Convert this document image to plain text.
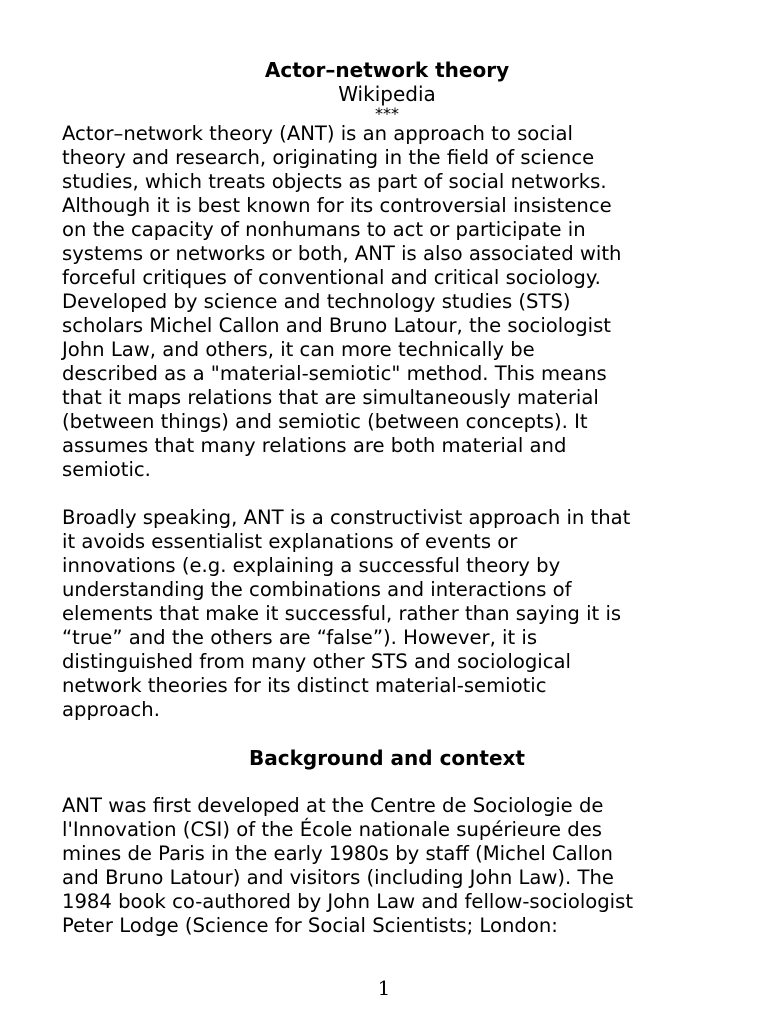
Actor–network theory

Wikipedia

***

Actor–network theory (ANT) is an approach to social
theory and research, originating in the field of science
studies, which treats objects as part of social networks.
Although it is best known for its controversial insistence
on the capacity of nonhumans to act or participate in
systems or networks or both, ANT is also associated with
forceful critiques of conventional and critical sociology.
Developed by science and technology studies (STS)
scholars Michel Callon and Bruno Latour, the sociologist
John Law, and others, it can more technically be
described as a "material-semiotic" method. This means
that it maps relations that are simultaneously material
(between things) and semiotic (between concepts). It
assumes that many relations are both material and
semiotic.
Broadly speaking, ANT is a constructivist approach in that
it avoids essentialist explanations of events or
innovations (e.g. explaining a successful theory by
understanding the combinations and interactions of
elements that make it successful, rather than saying it is
“true” and the others are “false”). However, it is
distinguished from many other STS and sociological
network theories for its distinct material-semiotic
approach.

Background and context

ANT was first developed at the Centre de Sociologie de
l'Innovation (CSI) of the École nationale supérieure des
mines de Paris in the early 1980s by staff (Michel Callon
and Bruno Latour) and visitors (including John Law). The
1984 book co-authored by John Law and fellow-sociologist
Peter Lodge (Science for Social Scientists; London:
1
